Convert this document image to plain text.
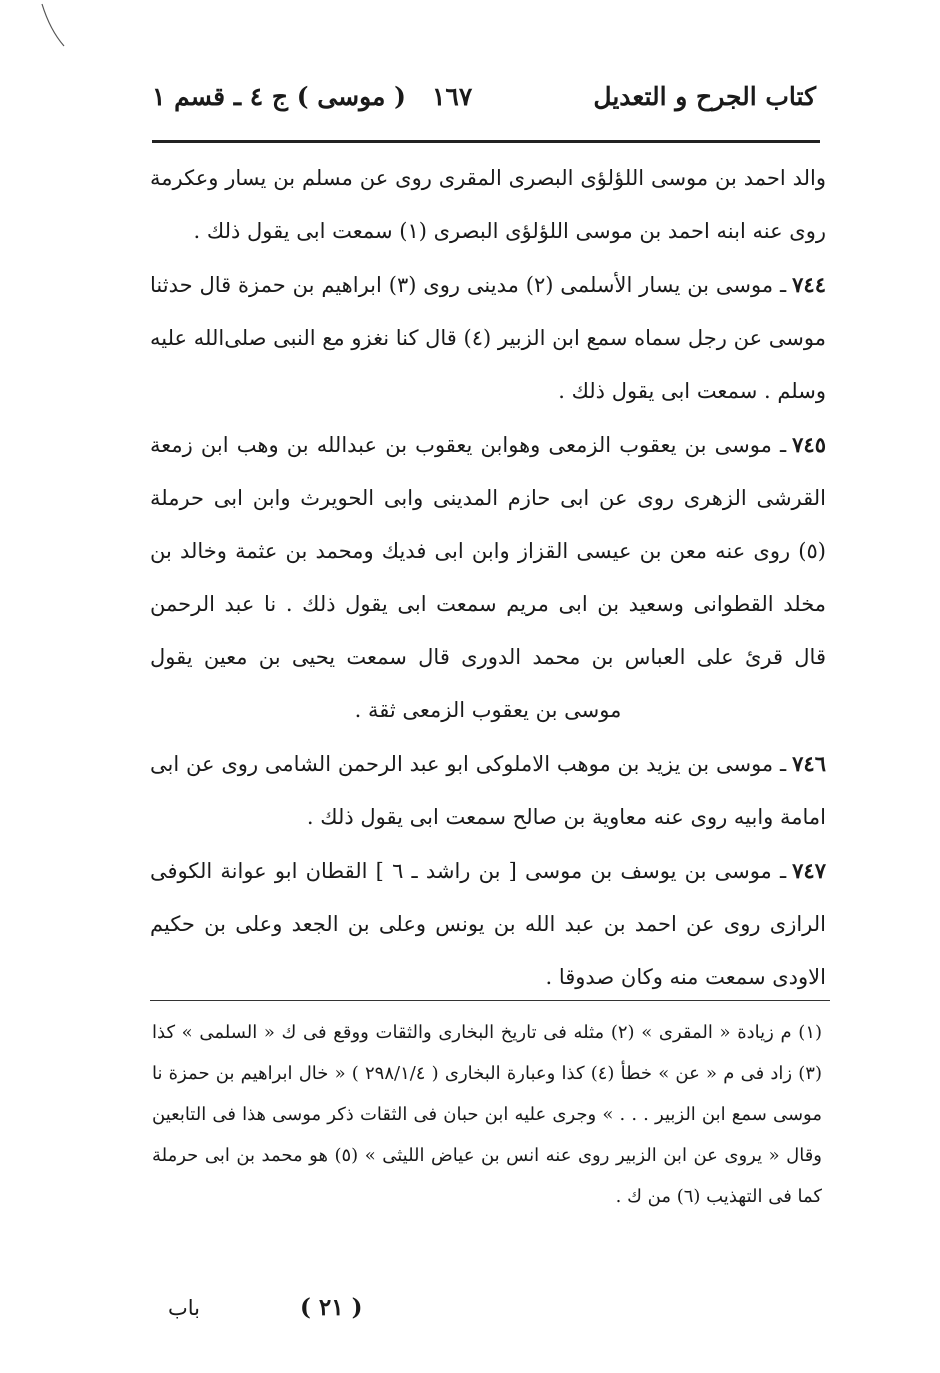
كتاب الجرح و التعديل
١٦٧
( موسى ) ج ٤ ـ قسم ١

والد احمد بن موسى اللؤلؤى البصرى المقرى روى عن مسلم بن يسار وعكرمة روى عنه ابنه احمد بن موسى اللؤلؤى البصرى (١) سمعت ابى يقول ذلك .

٧٤٤ـ موسى بن يسار الأسلمى (٢) مدينى روى (٣) ابراهيم بن حمزة قال حدثنا موسى عن رجل سماه سمع ابن الزبير (٤) قال كنا نغزو مع النبى صلى‌الله عليه وسلم . سمعت ابى يقول ذلك .

٧٤٥ـ موسى بن يعقوب الزمعى وهوابن يعقوب بن عبدالله بن وهب ابن زمعة القرشى الزهرى روى عن ابى حازم المدينى وابى الحويرث وابن ابى حرملة (٥) روى عنه معن بن عيسى القزاز وابن ابى فديك ومحمد بن عثمة وخالد بن مخلد القطوانى وسعيد بن ابى مريم سمعت ابى يقول ذلك . نا عبد الرحمن قال قرئ على العباس بن محمد الدورى قال سمعت يحيى بن معين يقول موسى بن يعقوب الزمعى ثقة .

٧٤٦ـ موسى بن يزيد بن موهب الاملوكى ابو عبد الرحمن الشامى روى عن ابى امامة وابيه روى عنه معاوية بن صالح سمعت ابى يقول ذلك .

٧٤٧ـ موسى بن يوسف بن موسى [ بن راشد ـ ٦ ] القطان ابو عوانة الكوفى الرازى روى عن احمد بن عبد الله بن يونس وعلى بن الجعد وعلى بن حكيم الاودى سمعت منه وكان صدوقا .

(١) م زيادة « المقرى » (٢) مثله فى تاريخ البخارى والثقات ووقع فى ك « السلمى » كذا (٣) زاد فى م « عن » خطأ (٤) كذا وعبارة البخارى ( ٢٩٨/١/٤ ) « خال ابراهيم بن حمزة نا موسى سمع ابن الزبير . . . » وجرى عليه ابن حبان فى الثقات ذكر موسى هذا فى التابعين وقال « يروى عن ابن الزبير روى عنه انس بن عياض الليثى » (٥) هو محمد بن ابى حرملة كما فى التهذيب (٦) من ك .

( ٢١ )
باب
